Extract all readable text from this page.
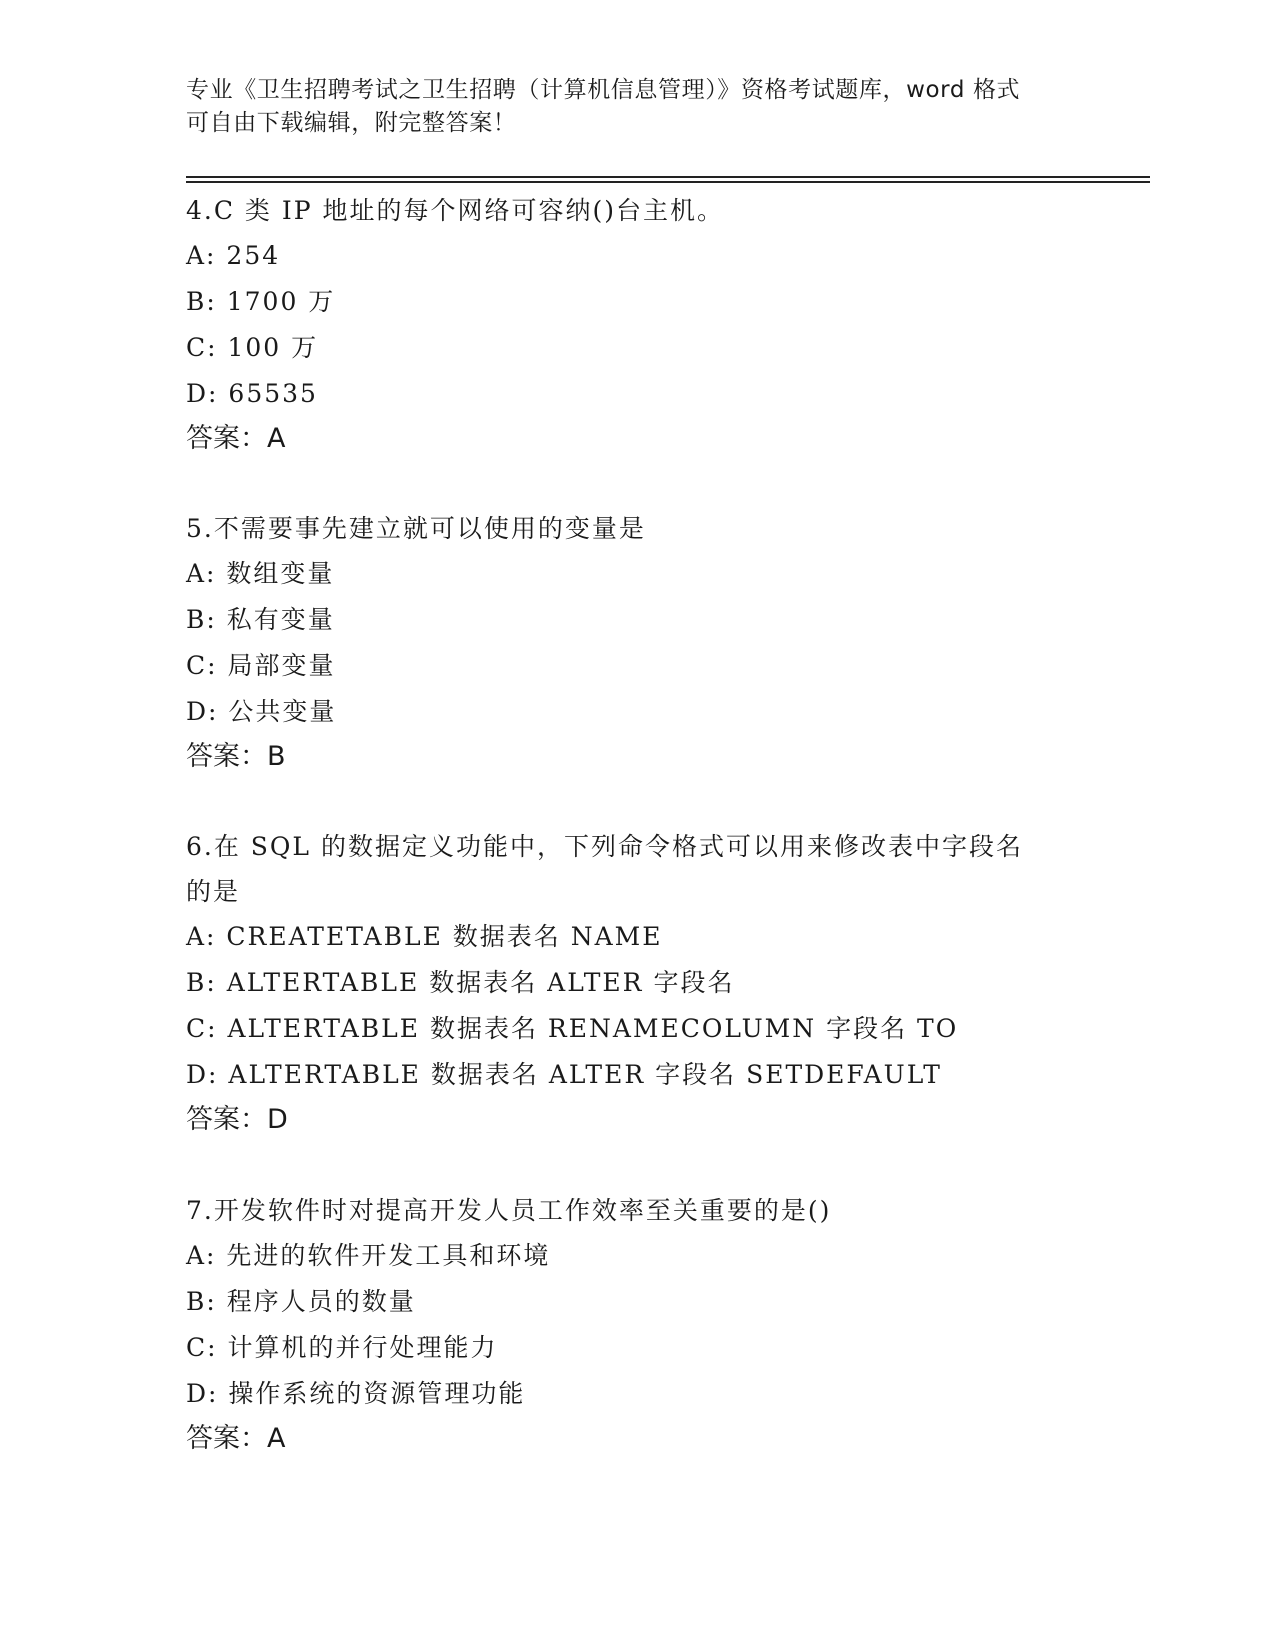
专业《卫生招聘考试之卫生招聘（计算机信息管理）》资格考试题库，word 格式

可自由下载编辑，附完整答案！

4.C 类 IP 地址的每个网络可容纳()台主机。

A: 254

B: 1700 万

C: 100 万

D: 65535

答案：A

5.不需要事先建立就可以使用的变量是

A: 数组变量

B: 私有变量

C: 局部变量

D: 公共变量

答案：B

6.在 SQL 的数据定义功能中，下列命令格式可以用来修改表中字段名
的是

A: CREATETABLE 数据表名 NAME

B: ALTERTABLE 数据表名 ALTER 字段名

C: ALTERTABLE 数据表名 RENAMECOLUMN 字段名 TO

D: ALTERTABLE 数据表名 ALTER 字段名 SETDEFAULT

答案：D

7.开发软件时对提高开发人员工作效率至关重要的是()

A: 先进的软件开发工具和环境

B: 程序人员的数量

C: 计算机的并行处理能力

D: 操作系统的资源管理功能

答案：A
